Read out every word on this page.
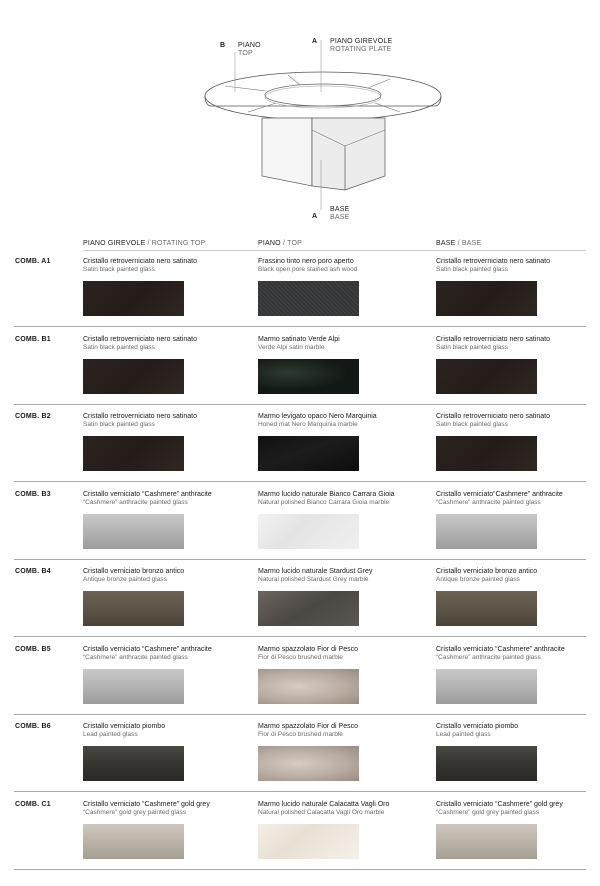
B PIANO
TOP
A PIANO GIREVOLE
ROTATING PLATE
A
BASE
BASE
PIANO GIREVOLE / ROTATING TOP	PIANO / TOP	BASE / BASE
COMB. A1	Cristallo retroverniciato nero satinato
Satin black painted glass
Frassino tinto nero poro aperto
Black open pore stained ash wood
Cristallo retroverniciato nero satinato
Satin black painted glass
COMB. B1	Cristallo retroverniciato nero satinato
Satin black painted glass
Marmo satinato Verde Alpi
Verde Alpi satin marble
Cristallo retroverniciato nero satinato
Satin black painted glass
COMB. B2	Cristallo retroverniciato nero satinato
Satin black painted glass
Marmo levigato opaco Nero Marquinia
Honed mat Nero Marquinia marble
Cristallo retroverniciato nero satinato
Satin black painted glass
COMB. B3	Cristallo verniciato “Cashmere” anthracite
“Cashmere” anthracite painted glass
Marmo lucido naturale Bianco Carrara Gioia
Natural polished Bianco Carrara Gioia marble
Cristallo verniciato“Cashmere” anthracite
“Cashmere” anthracite painted glass
COMB. B4	Cristallo verniciato bronzo antico
Antique bronze painted glass
Marmo lucido naturale Stardust Grey
Natural polished Stardust Grey marble
Cristallo verniciato bronzo antico
Antique bronze painted glass
COMB. B5	Cristallo verniciato “Cashmere” anthracite
“Cashmere” anthracite painted glass
Marmo spazzolato Fior di Pesco
Fior di Pesco brushed marble
Cristallo verniciato “Cashmere” anthracite
“Cashmere” anthracite painted glass
COMB. B6	Cristallo verniciato piombo
Lead painted glass
Marmo spazzolato Fior di Pesco
Fior di Pesco brushed marble
Cristallo verniciato piombo
Lead painted glass
COMB. C1	Cristallo verniciato “Cashmere” gold grey
“Cashmere” gold grey painted glass
Marmo lucido naturale Calacatta Vagli Oro
Natural polished Calacatta Vagli Oro marble
Cristallo verniciato “Cashmere” gold grey
“Cashmere” gold grey painted glass
